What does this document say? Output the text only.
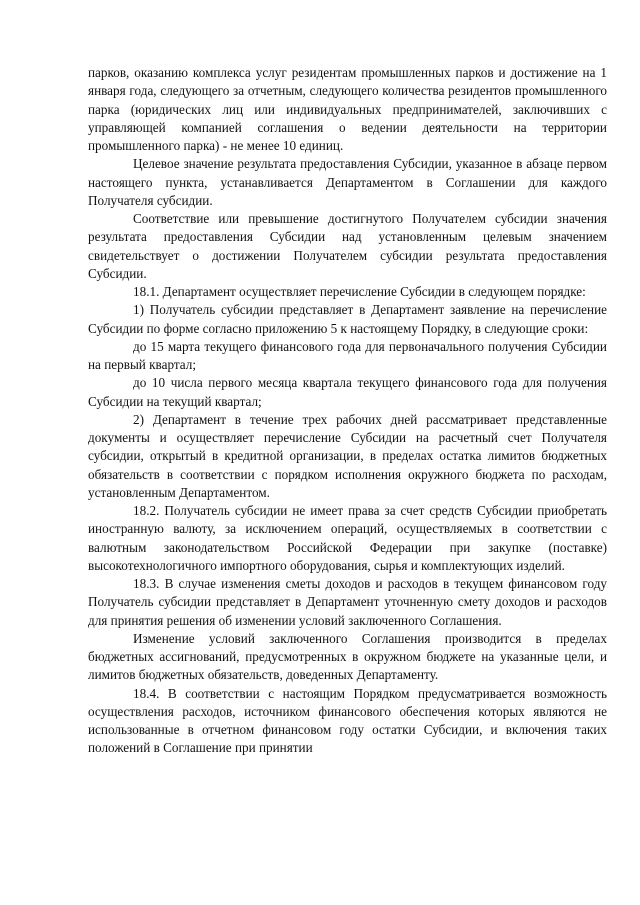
парков, оказанию комплекса услуг резидентам промышленных парков и достижение на 1 января года, следующего за отчетным, следующего количества резидентов промышленного парка (юридических лиц или индивидуальных предпринимателей, заключивших с управляющей компанией соглашения о ведении деятельности на территории промышленного парка) - не менее 10 единиц.

Целевое значение результата предоставления Субсидии, указанное в абзаце первом настоящего пункта, устанавливается Департаментом в Соглашении для каждого Получателя субсидии.

Соответствие или превышение достигнутого Получателем субсидии значения результата предоставления Субсидии над установленным целевым значением свидетельствует о достижении Получателем субсидии результата предоставления Субсидии.

18.1. Департамент осуществляет перечисление Субсидии в следующем порядке:

1) Получатель субсидии представляет в Департамент заявление на перечисление Субсидии по форме согласно приложению 5 к настоящему Порядку, в следующие сроки:

до 15 марта текущего финансового года для первоначального получения Субсидии на первый квартал;

до 10 числа первого месяца квартала текущего финансового года для получения Субсидии на текущий квартал;

2) Департамент в течение трех рабочих дней рассматривает представленные документы и осуществляет перечисление Субсидии на расчетный счет Получателя субсидии, открытый в кредитной организации, в пределах остатка лимитов бюджетных обязательств в соответствии с порядком исполнения окружного бюджета по расходам, установленным Департаментом.

18.2. Получатель субсидии не имеет права за счет средств Субсидии приобретать иностранную валюту, за исключением операций, осуществляемых в соответствии с валютным законодательством Российской Федерации при закупке (поставке) высокотехнологичного импортного оборудования, сырья и комплектующих изделий.

18.3. В случае изменения сметы доходов и расходов в текущем финансовом году Получатель субсидии представляет в Департамент уточненную смету доходов и расходов для принятия решения об изменении условий заключенного Соглашения.

Изменение условий заключенного Соглашения производится в пределах бюджетных ассигнований, предусмотренных в окружном бюджете на указанные цели, и лимитов бюджетных обязательств, доведенных Департаменту.

18.4. В соответствии с настоящим Порядком предусматривается возможность осуществления расходов, источником финансового обеспечения которых являются не использованные в отчетном финансовом году остатки Субсидии, и включения таких положений в Соглашение при принятии
